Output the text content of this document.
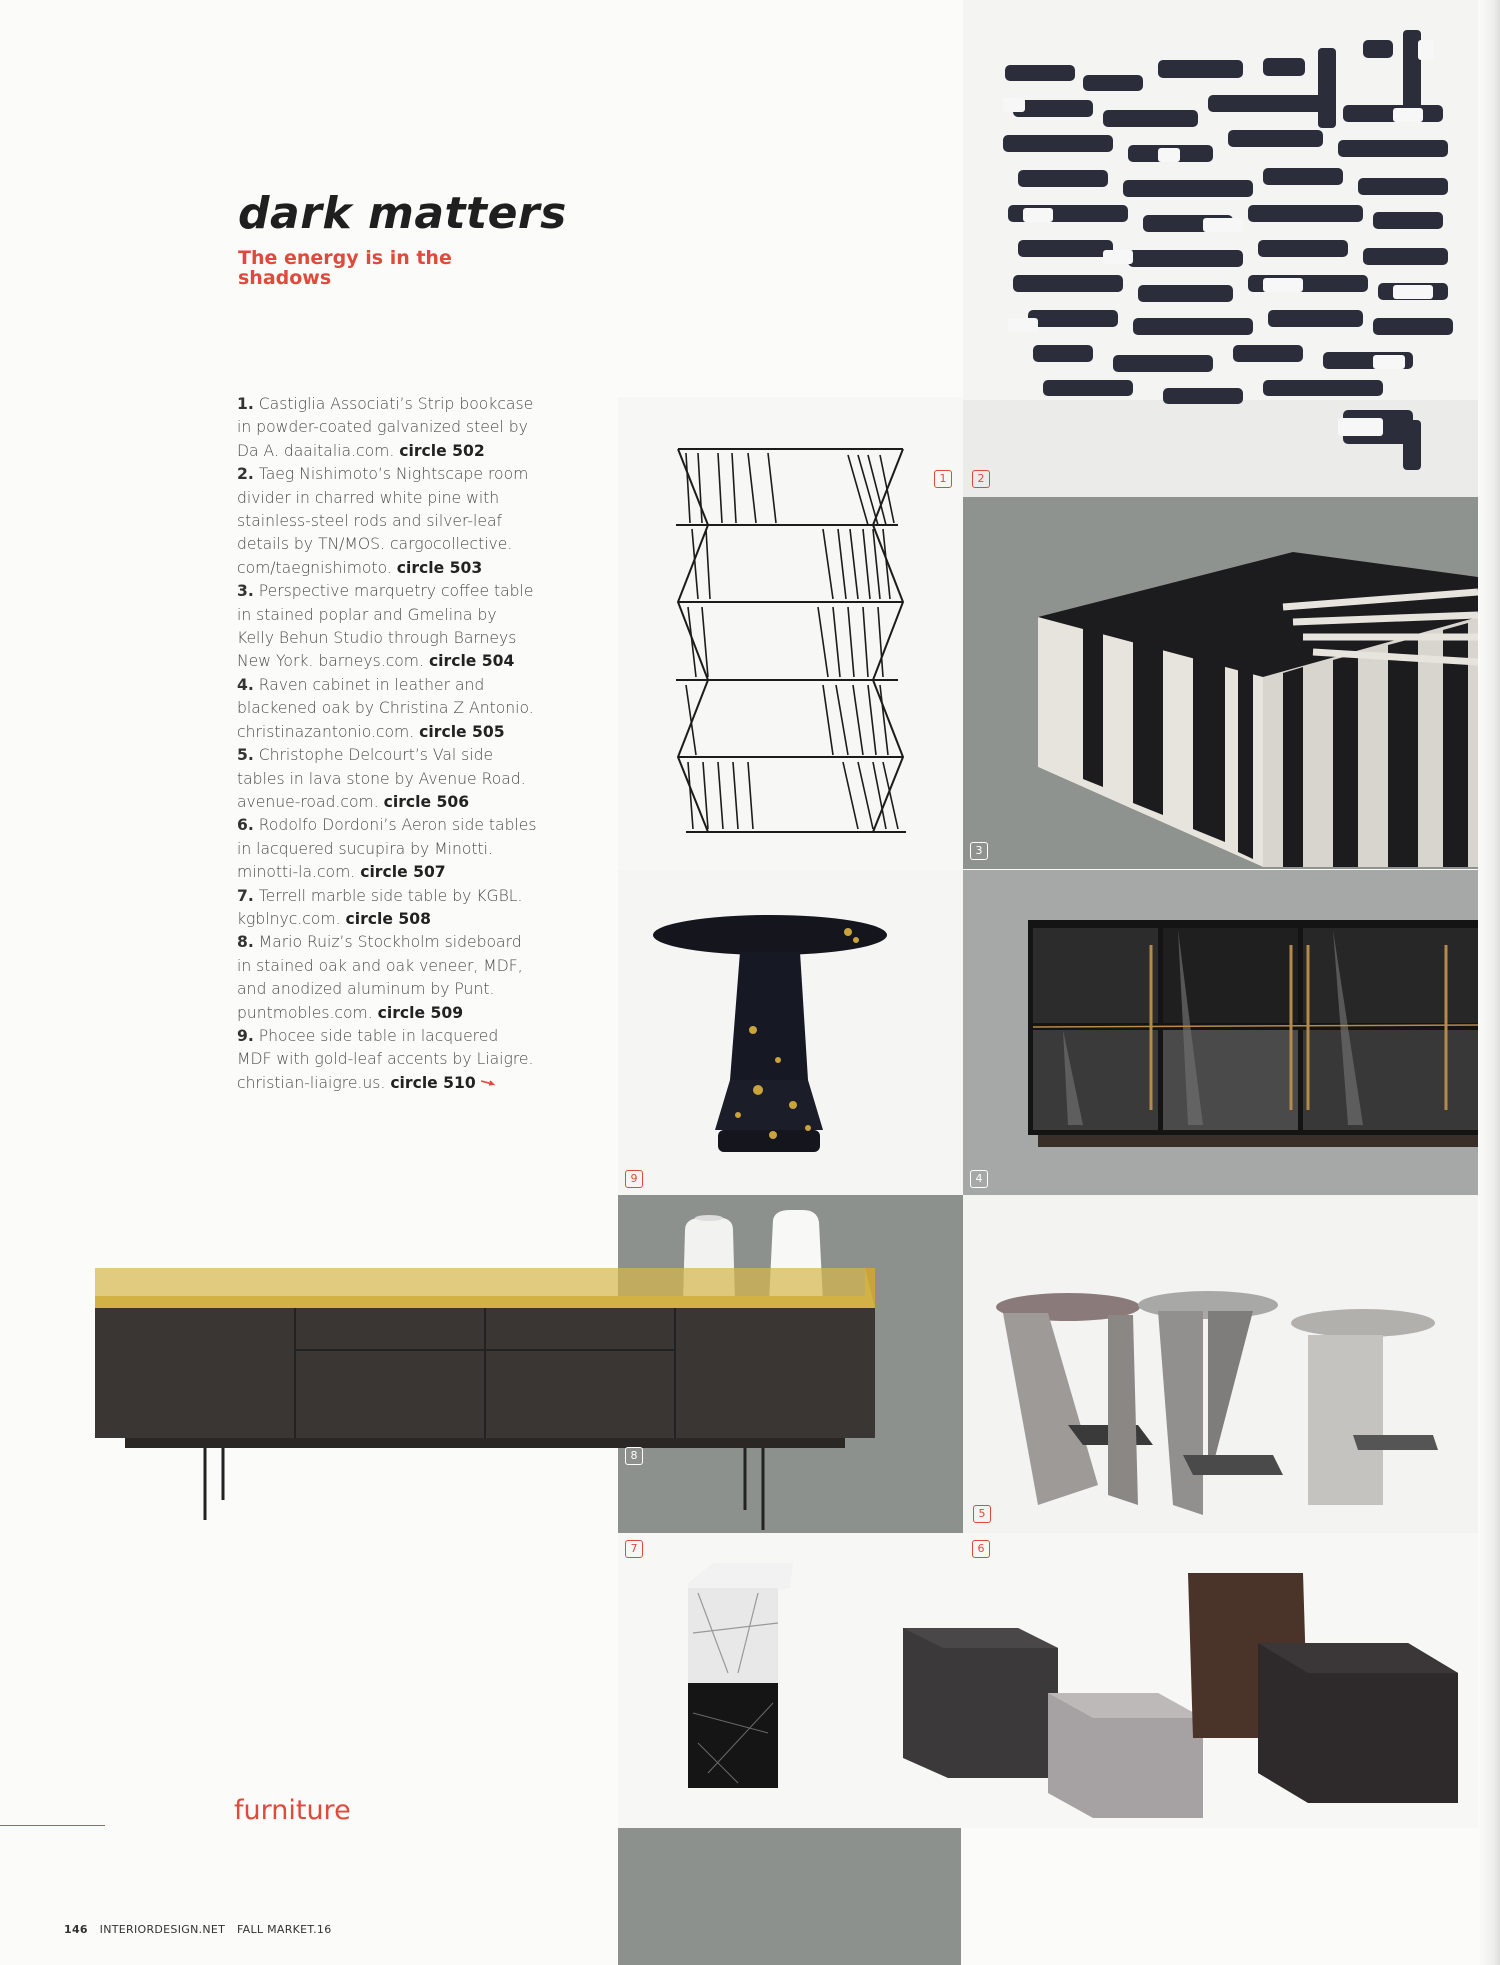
dark matters
The energy is in the shadows
1. Castiglia Associati’s Strip bookcase in powder-coated galvanized steel by Da A. daaitalia.com. circle 502
2. Taeg Nishimoto’s Nightscape room divider in charred white pine with stainless-steel rods and silver-leaf details by TN/MOS. cargocollective. com/taegnishimoto. circle 503
3. Perspective marquetry coffee table in stained poplar and Gmelina by Kelly Behun Studio through Barneys New York. barneys.com. circle 504
4. Raven cabinet in leather and blackened oak by Christina Z Antonio. christinazantonio.com. circle 505
5. Christophe Delcourt’s Val side tables in lava stone by Avenue Road. avenue-road.com. circle 506
6. Rodolfo Dordoni’s Aeron side tables in lacquered sucupira by Minotti. minotti-la.com. circle 507
7. Terrell marble side table by KGBL. kgblnyc.com. circle 508
8. Mario Ruiz’s Stockholm sideboard in stained oak and oak veneer, MDF, and anodized aluminum by Punt. puntmobles.com. circle 509
9. Phocee side table in lacquered MDF with gold-leaf accents by Liaigre. christian-liaigre.us. circle 510
1	2
3
9	4
8
5
7	6

furniture

146 INTERIORDESIGN.NET FALL MARKET.16
